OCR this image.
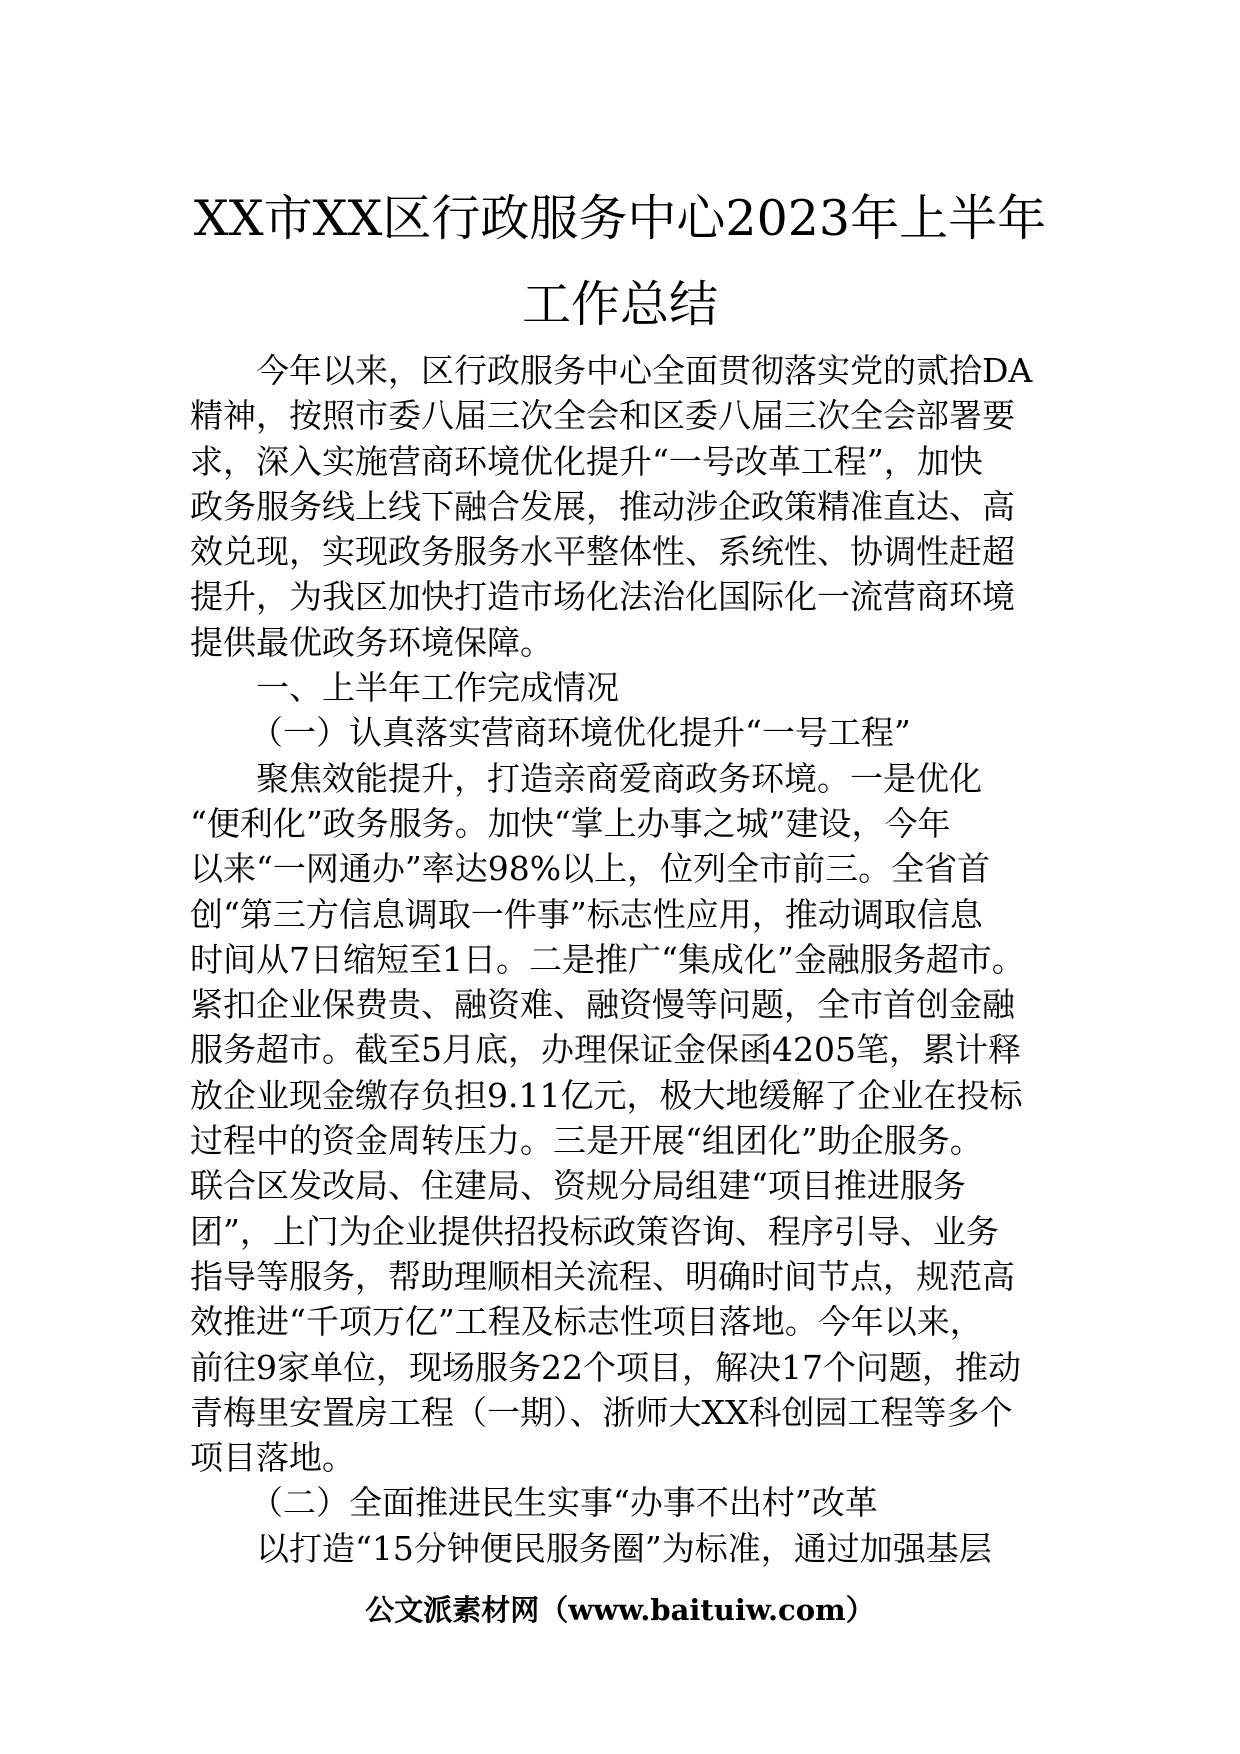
XX市XX区行政服务中心2023年上半年
工作总结
今年以来，区行政服务中心全面贯彻落实党的贰拾DA
精神，按照市委八届三次全会和区委八届三次全会部署要
求，深入实施营商环境优化提升“一号改革工程”，加快
政务服务线上线下融合发展，推动涉企政策精准直达、高
效兑现，实现政务服务水平整体性、系统性、协调性赶超
提升，为我区加快打造市场化法治化国际化一流营商环境
提供最优政务环境保障。
一、上半年工作完成情况
（一）认真落实营商环境优化提升“一号工程”
聚焦效能提升，打造亲商爱商政务环境。一是优化
“便利化”政务服务。加快“掌上办事之城”建设，今年
以来“一网通办”率达98%以上，位列全市前三。全省首
创“第三方信息调取一件事”标志性应用，推动调取信息
时间从7日缩短至1日。二是推广“集成化”金融服务超市。
紧扣企业保费贵、融资难、融资慢等问题，全市首创金融
服务超市。截至5月底，办理保证金保函4205笔，累计释
放企业现金缴存负担9.11亿元，极大地缓解了企业在投标
过程中的资金周转压力。三是开展“组团化”助企服务。
联合区发改局、住建局、资规分局组建“项目推进服务
团”，上门为企业提供招投标政策咨询、程序引导、业务
指导等服务，帮助理顺相关流程、明确时间节点，规范高
效推进“千项万亿”工程及标志性项目落地。今年以来，
前往9家单位，现场服务22个项目，解决17个问题，推动
青梅里安置房工程（一期）、浙师大XX科创园工程等多个
项目落地。
（二）全面推进民生实事“办事不出村”改革
以打造“15分钟便民服务圈”为标准，通过加强基层
公文派素材网（www.baituiw.com）
